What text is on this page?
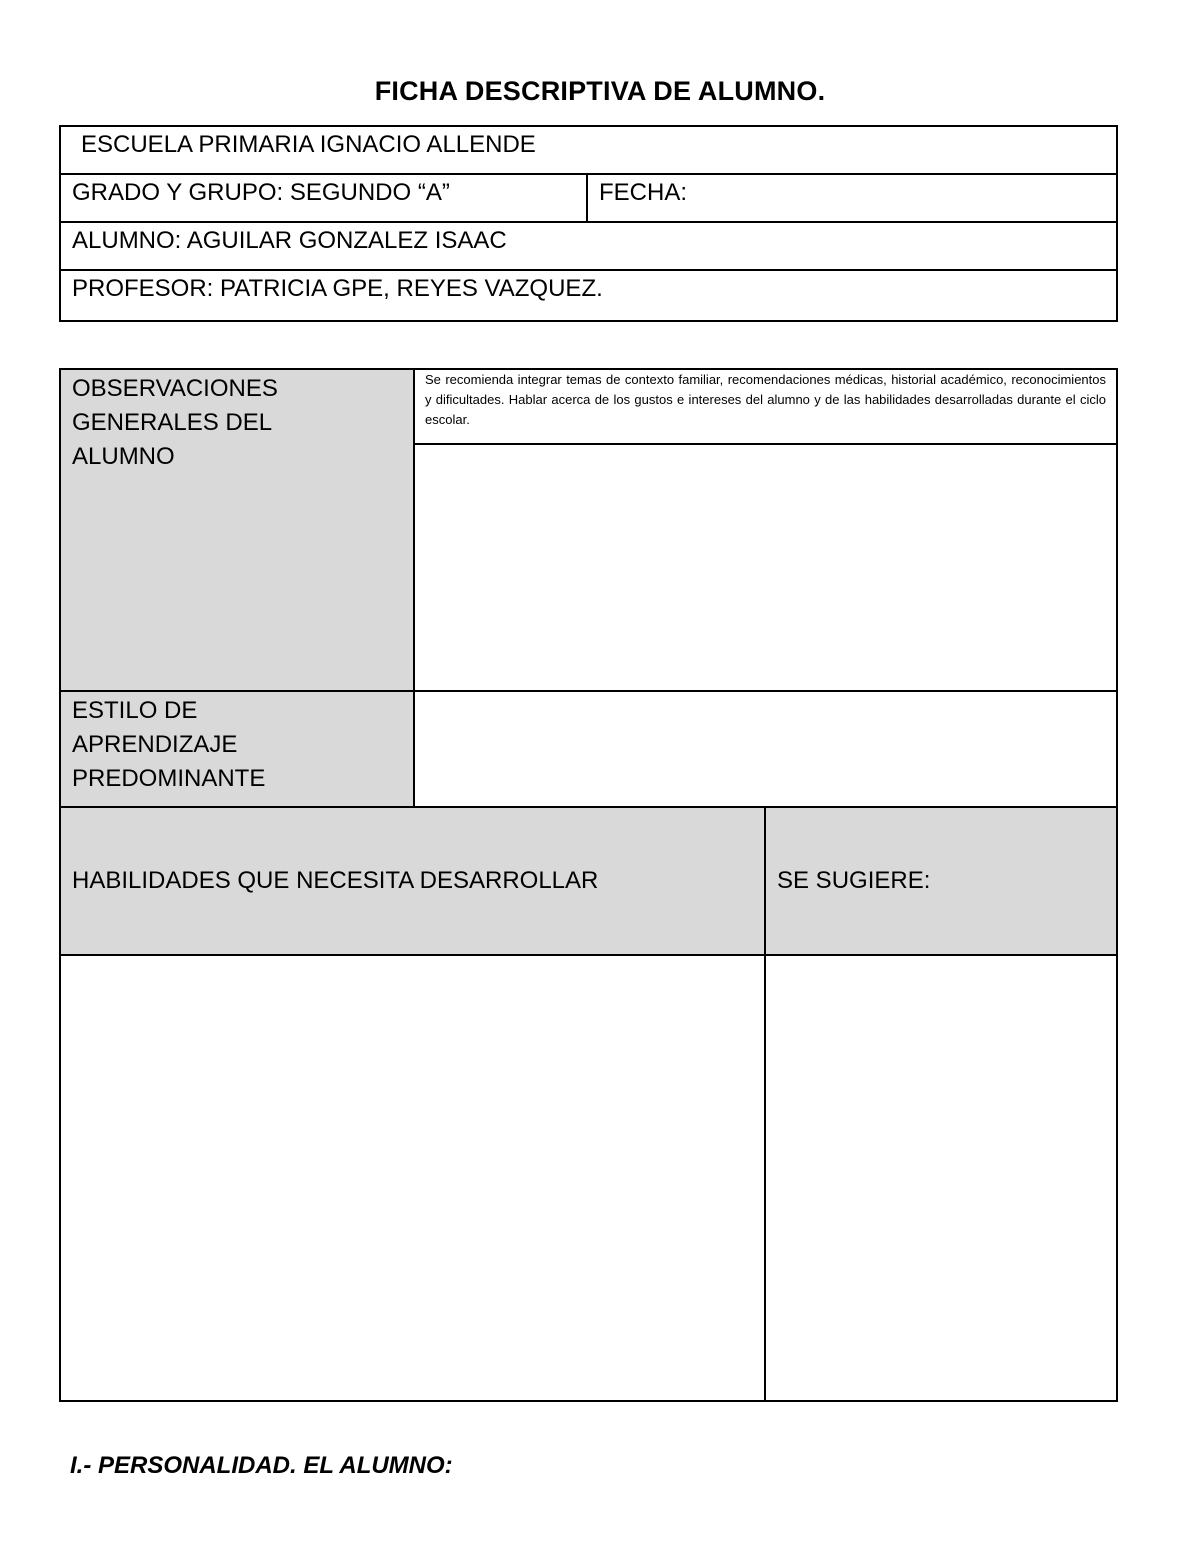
FICHA DESCRIPTIVA DE ALUMNO.
ESCUELA PRIMARIA IGNACIO ALLENDE
GRADO Y GRUPO: SEGUNDO “A”	FECHA:
ALUMNO: AGUILAR GONZALEZ ISAAC
PROFESOR: PATRICIA GPE, REYES VAZQUEZ.
OBSERVACIONES GENERALES DEL ALUMNO
Se recomienda integrar temas de contexto familiar, recomendaciones médicas, historial académico, reconocimientos y dificultades. Hablar acerca de los gustos e intereses del alumno y de las habilidades desarrolladas durante el ciclo escolar.
ESTILO DE APRENDIZAJE PREDOMINANTE
HABILIDADES QUE NECESITA DESARROLLAR	SE SUGIERE:
I.- PERSONALIDAD. EL ALUMNO:
